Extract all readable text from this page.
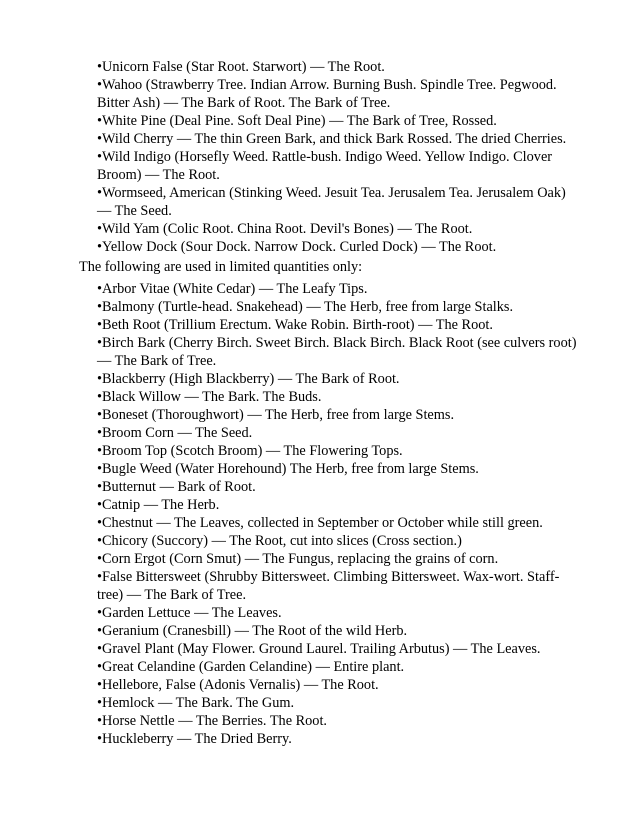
•Unicorn False (Star Root. Starwort) — The Root.
•Wahoo (Strawberry Tree. Indian Arrow. Burning Bush. Spindle Tree. Pegwood. Bitter Ash) — The Bark of Root. The Bark of Tree.
•White Pine (Deal Pine. Soft Deal Pine) — The Bark of Tree, Rossed.
•Wild Cherry — The thin Green Bark, and thick Bark Rossed. The dried Cherries.
•Wild Indigo (Horsefly Weed. Rattle-bush. Indigo Weed. Yellow Indigo. Clover Broom) — The Root.
•Wormseed, American (Stinking Weed. Jesuit Tea. Jerusalem Tea. Jerusalem Oak) — The Seed.
•Wild Yam (Colic Root. China Root. Devil's Bones) — The Root.
•Yellow Dock (Sour Dock. Narrow Dock. Curled Dock) — The Root.

The following are used in limited quantities only:

•Arbor Vitae (White Cedar) — The Leafy Tips.
•Balmony (Turtle-head. Snakehead) — The Herb, free from large Stalks.
•Beth Root (Trillium Erectum. Wake Robin. Birth-root) — The Root.
•Birch Bark (Cherry Birch. Sweet Birch. Black Birch. Black Root (see culvers root) — The Bark of Tree.
•Blackberry (High Blackberry) — The Bark of Root.
•Black Willow — The Bark. The Buds.
•Boneset (Thoroughwort) — The Herb, free from large Stems.
•Broom Corn — The Seed.
•Broom Top (Scotch Broom) — The Flowering Tops.
•Bugle Weed (Water Horehound) The Herb, free from large Stems.
•Butternut — Bark of Root.
•Catnip — The Herb.
•Chestnut — The Leaves, collected in September or October while still green.
•Chicory (Succory) — The Root, cut into slices (Cross section.)
•Corn Ergot (Corn Smut) — The Fungus, replacing the grains of corn.
•False Bittersweet (Shrubby Bittersweet. Climbing Bittersweet. Wax-wort. Staff-tree) — The Bark of Tree.
•Garden Lettuce — The Leaves.
•Geranium (Cranesbill) — The Root of the wild Herb.
•Gravel Plant (May Flower. Ground Laurel. Trailing Arbutus) — The Leaves.
•Great Celandine (Garden Celandine) — Entire plant.
•Hellebore, False (Adonis Vernalis) — The Root.
•Hemlock — The Bark. The Gum.
•Horse Nettle — The Berries. The Root.
•Huckleberry — The Dried Berry.
